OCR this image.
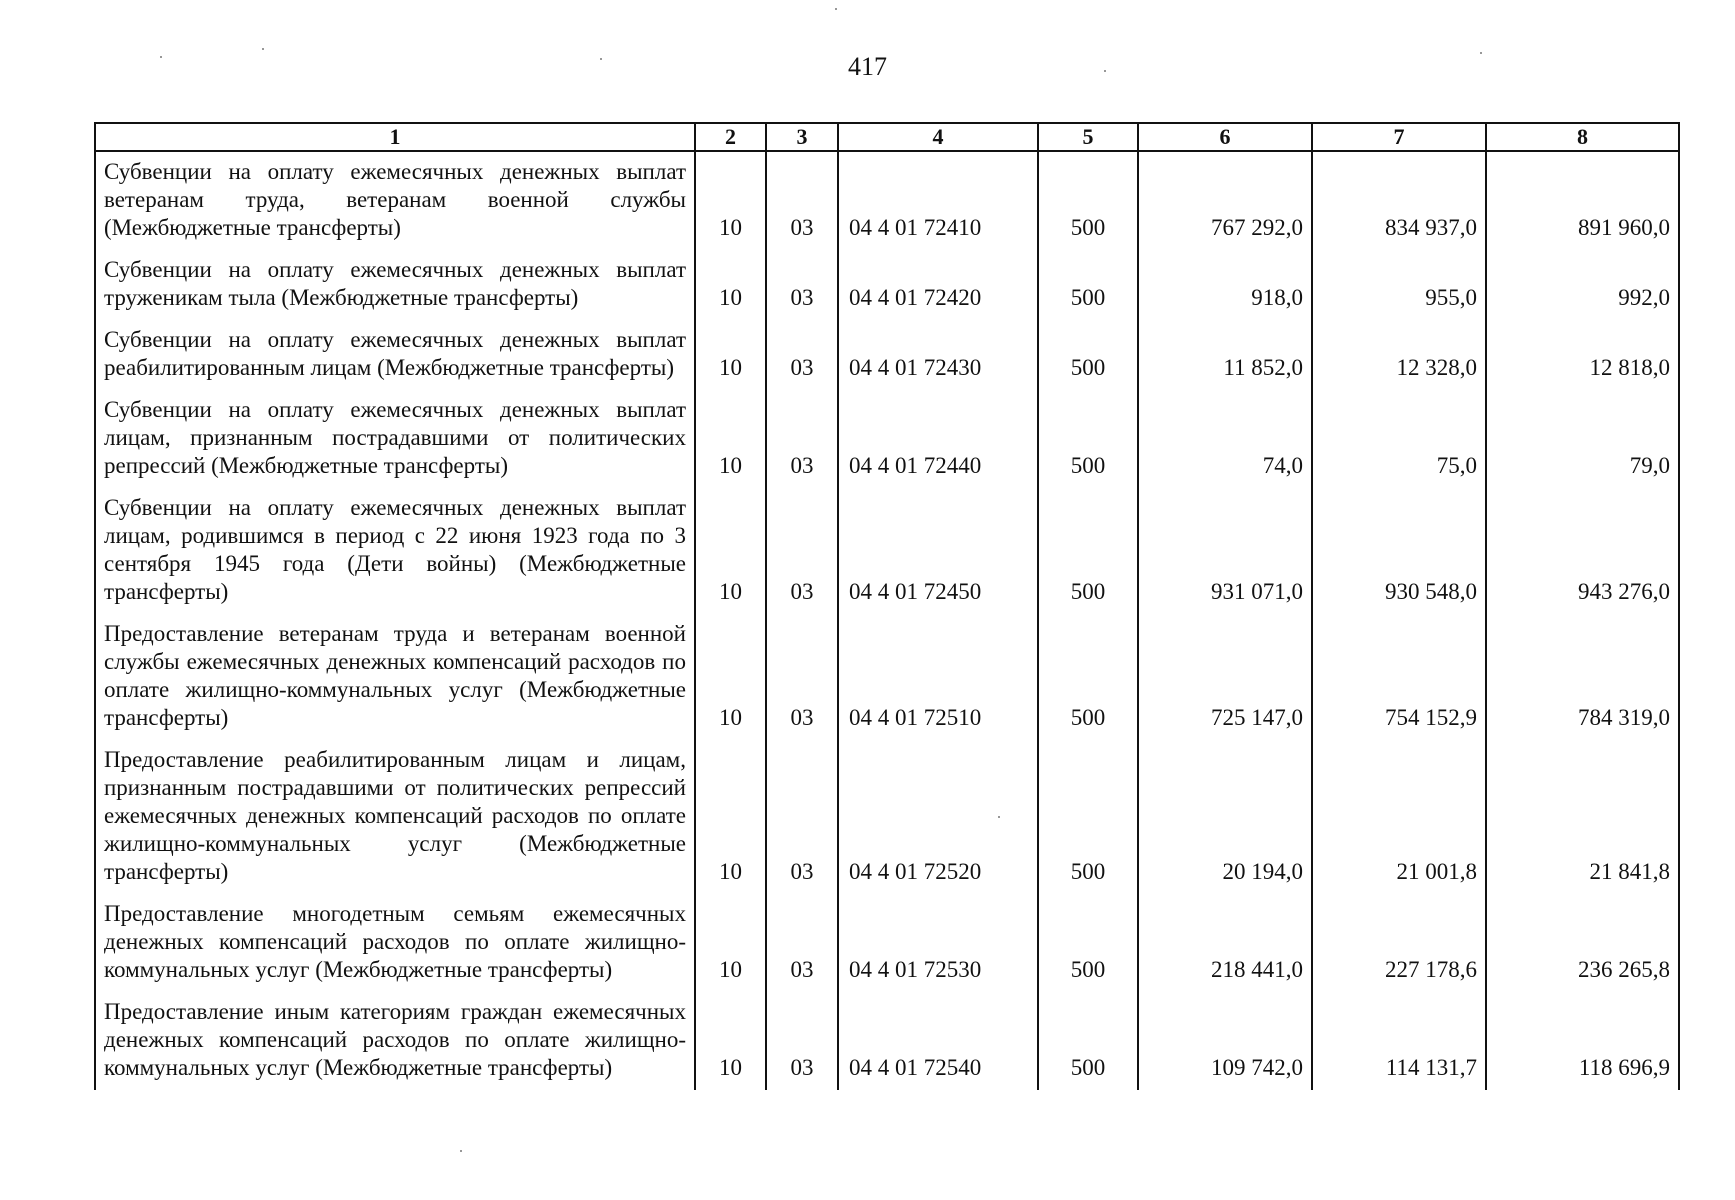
417
1	2	3	4	5	6	7	8
Субвенции на оплату ежемесячных денежных выплат ветеранам труда, ветеранам военной службы (Межбюджетные трансферты)	10	03	04 4 01 72410	500	767 292,0	834 937,0	891 960,0
Субвенции на оплату ежемесячных денежных выплат труженикам тыла (Межбюджетные трансферты)	10	03	04 4 01 72420	500	918,0	955,0	992,0
Субвенции на оплату ежемесячных денежных выплат реабилитированным лицам (Межбюджетные трансферты)	10	03	04 4 01 72430	500	11 852,0	12 328,0	12 818,0
Субвенции на оплату ежемесячных денежных выплат лицам, признанным пострадавшими от политических репрессий (Межбюджетные трансферты)	10	03	04 4 01 72440	500	74,0	75,0	79,0
Субвенции на оплату ежемесячных денежных выплат лицам, родившимся в период с 22 июня 1923 года по 3 сентября 1945 года (Дети войны) (Межбюджетные трансферты)	10	03	04 4 01 72450	500	931 071,0	930 548,0	943 276,0
Предоставление ветеранам труда и ветеранам военной службы ежемесячных денежных компенсаций расходов по оплате жилищно-коммунальных услуг (Межбюджетные трансферты)	10	03	04 4 01 72510	500	725 147,0	754 152,9	784 319,0
Предоставление реабилитированным лицам и лицам, признанным пострадавшими от политических репрессий ежемесячных денежных компенсаций расходов по оплате жилищно-коммунальных услуг (Межбюджетные трансферты)	10	03	04 4 01 72520	500	20 194,0	21 001,8	21 841,8
Предоставление многодетным семьям ежемесячных денежных компенсаций расходов по оплате жилищно-коммунальных услуг (Межбюджетные трансферты)	10	03	04 4 01 72530	500	218 441,0	227 178,6	236 265,8
Предоставление иным категориям граждан ежемесячных денежных компенсаций расходов по оплате жилищно-коммунальных услуг (Межбюджетные трансферты)	10	03	04 4 01 72540	500	109 742,0	114 131,7	118 696,9
